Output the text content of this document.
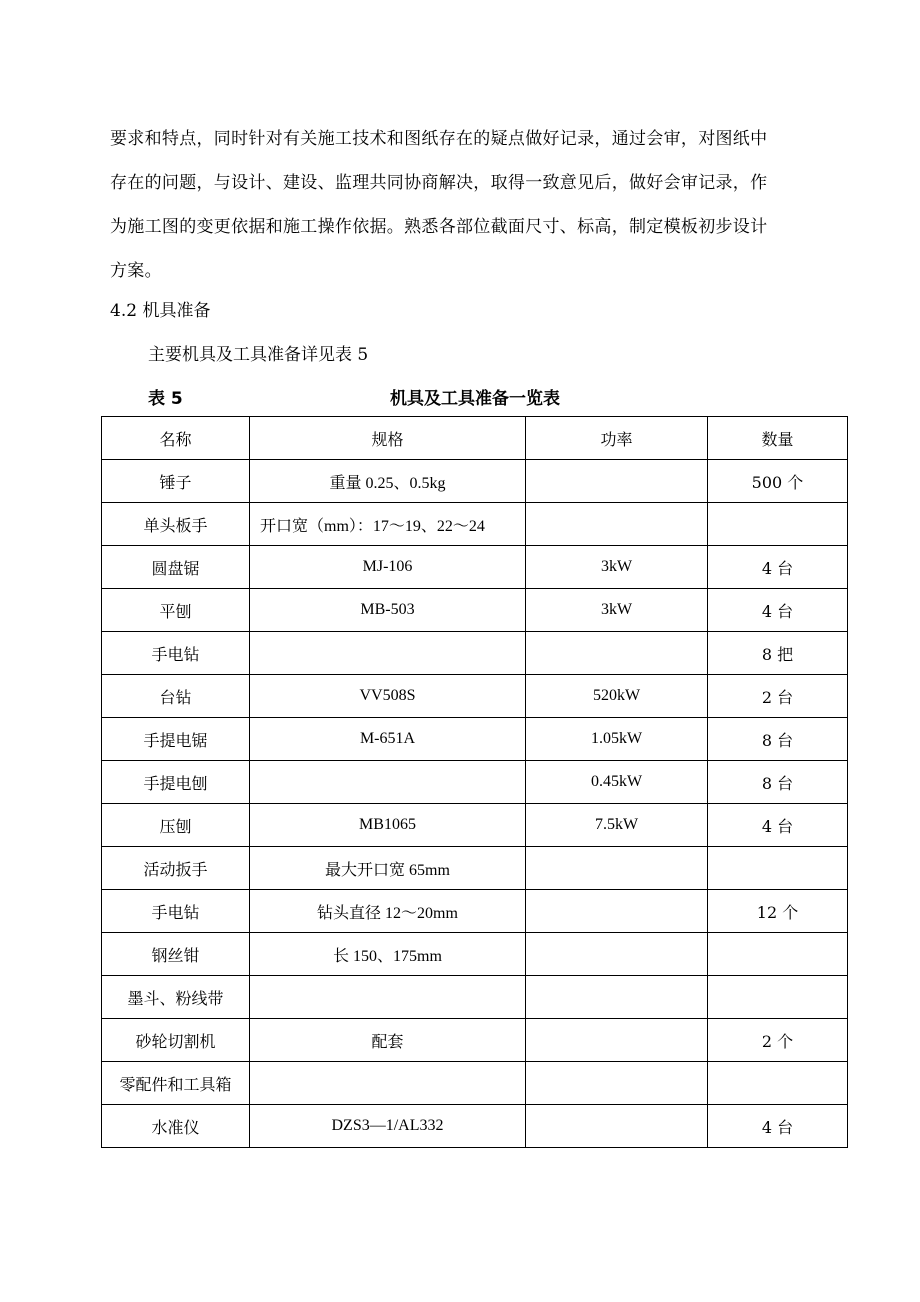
要求和特点，同时针对有关施工技术和图纸存在的疑点做好记录，通过会审，对图纸中
存在的问题，与设计、建设、监理共同协商解决，取得一致意见后，做好会审记录，作
为施工图的变更依据和施工操作依据。熟悉各部位截面尺寸、标高，制定模板初步设计
方案。
4.2 机具准备
主要机具及工具准备详见表 5
表 5	机具及工具准备一览表
名称	规格	功率	数量
锤子	重量 0.25、0.5kg		500 个
单头板手	开口宽（mm）：17～19、22～24		
圆盘锯	MJ-106	3kW	4 台
平刨	MB-503	3kW	4 台
手电钻			8 把
台钻	VV508S	520kW	2 台
手提电锯	M-651A	1.05kW	8 台
手提电刨		0.45kW	8 台
压刨	MB1065	7.5kW	4 台
活动扳手	最大开口宽 65mm		
手电钻	钻头直径 12～20mm		12 个
钢丝钳	长 150、175mm		
墨斗、粉线带			
砂轮切割机	配套		2 个
零配件和工具箱			
水准仪	DZS3—1/AL332		4 台
